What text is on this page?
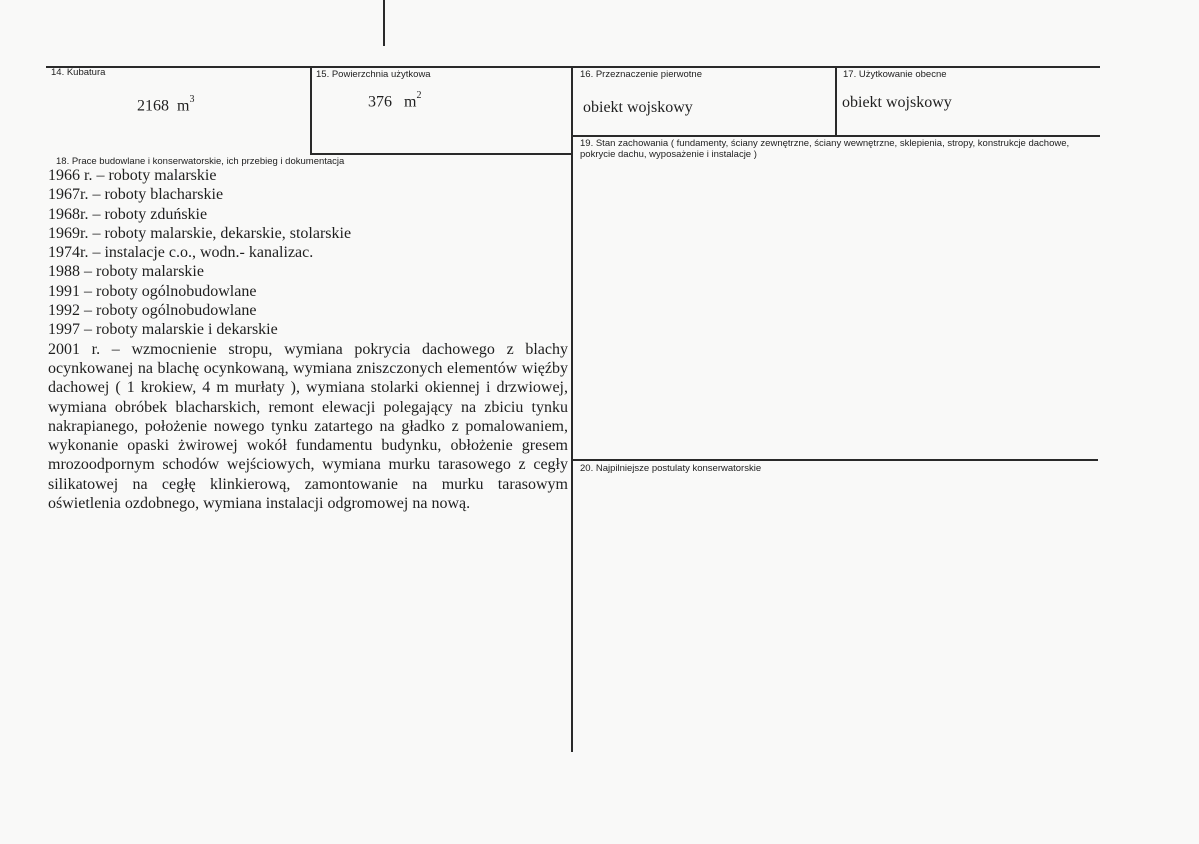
14. Kubatura
2168 $m^3$
15. Powierzchnia użytkowa
376 $m^2$
16. Przeznaczenie pierwotne
obiekt wojskowy
17. Użytkowanie obecne
obiekt wojskowy
18. Prace budowlane i konserwatorskie, ich przebieg i dokumentacja
1966 r. – roboty malarskie
1967r. – roboty blacharskie
1968r. – roboty zduńskie
1969r. – roboty malarskie, dekarskie, stolarskie
1974r. – instalacje c.o., wodn.- kanalizac.
1988 – roboty malarskie
1991 – roboty ogólnobudowlane
1992 – roboty ogólnobudowlane
1997 – roboty malarskie i dekarskie
2001 r. – wzmocnienie stropu, wymiana pokrycia dachowego z blachy ocynkowanej na blachę ocynkowaną, wymiana zniszczonych elementów więźby dachowej ( 1 krokiew, 4 m murłaty ), wymiana stolarki okiennej i drzwiowej, wymiana obróbek blacharskich, remont elewacji polegający na zbiciu tynku nakrapianego, położenie nowego tynku zatartego na gładko z pomalowaniem, wykonanie opaski żwirowej wokół fundamentu budynku, obłożenie gresem mrozoodpornym schodów wejściowych, wymiana murku tarasowego z cegły silikatowej na cegłę klinkierową, zamontowanie na murku tarasowym oświetlenia ozdobnego, wymiana instalacji odgromowej na nową.
19. Stan zachowania ( fundamenty, ściany zewnętrzne, ściany wewnętrzne, sklepienia, stropy, konstrukcje dachowe, pokrycie dachu, wyposażenie i instalacje )
20. Najpilniejsze postulaty konserwatorskie
